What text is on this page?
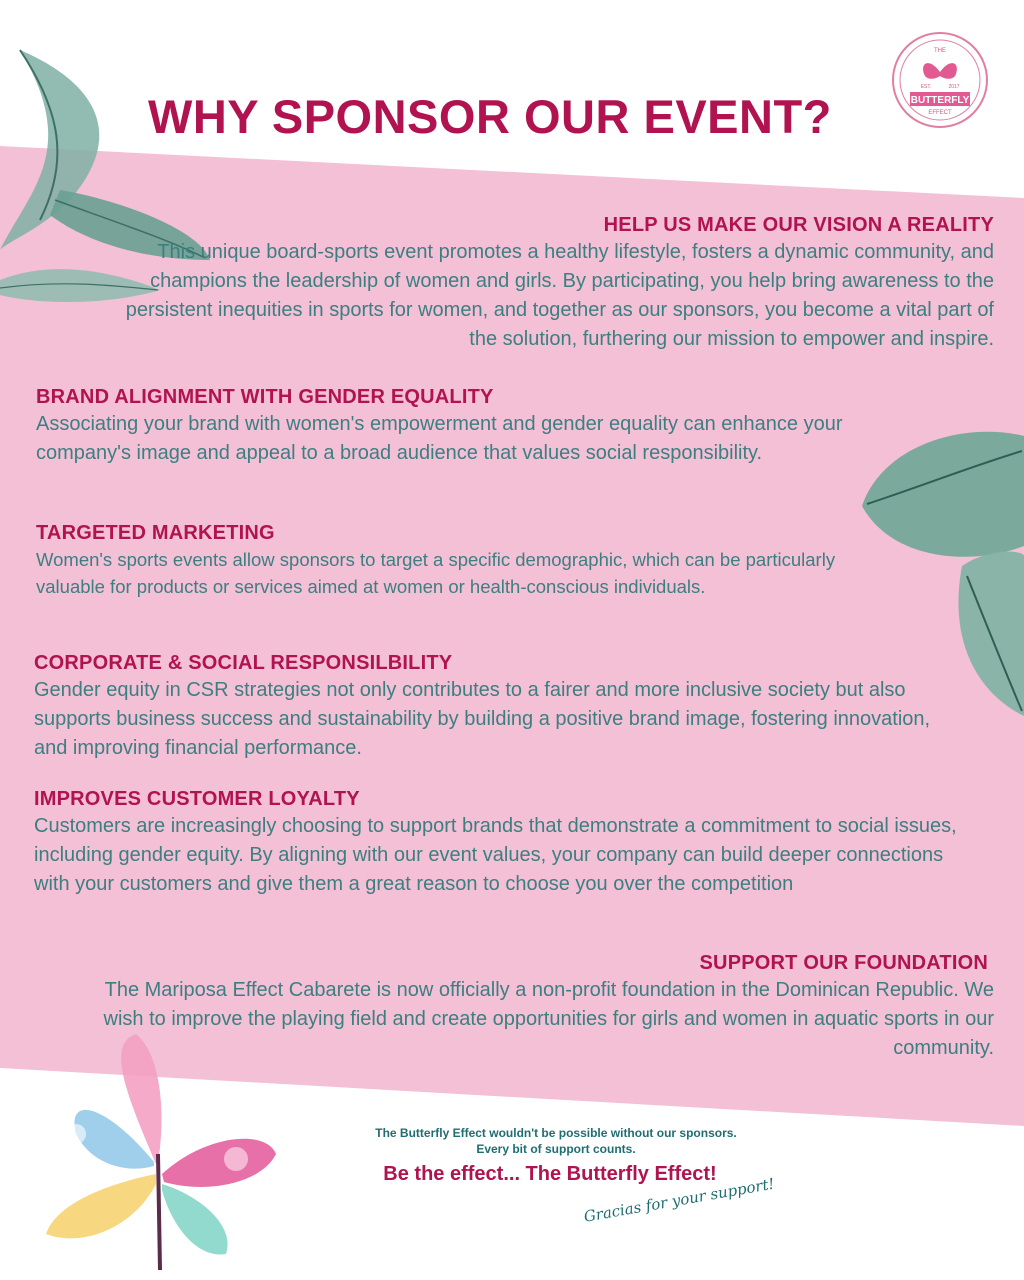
WHY SPONSOR OUR EVENT?
THE
EST.	2017
BUTTERFLY
EFFECT

HELP US MAKE OUR VISION A REALITY

This unique board-sports event promotes a healthy lifestyle, fosters a dynamic community, and champions the leadership of women and girls. By participating, you help bring awareness to the persistent inequities in sports for women, and together as our sponsors, you become a vital part of the solution, furthering our mission to empower and inspire.

BRAND ALIGNMENT WITH GENDER EQUALITY

Associating your brand with women's empowerment and gender equality can enhance your company's image and appeal to a broad audience that values social responsibility.

TARGETED MARKETING

Women's sports events allow sponsors to target a specific demographic, which can be particularly valuable for products or services aimed at women or health-conscious individuals.

CORPORATE & SOCIAL RESPONSILBILITY

Gender equity in CSR strategies not only contributes to a fairer and more inclusive society but also supports business success and sustainability by building a positive brand image, fostering innovation, and improving financial performance.

IMPROVES CUSTOMER LOYALTY

Customers are increasingly choosing to support brands that demonstrate a commitment to social issues, including gender equity. By aligning with our event values, your company can build deeper connections with your customers and give them a great reason to choose you over the competition

SUPPORT OUR FOUNDATION

The Mariposa Effect Cabarete is now officially a non-profit foundation in the Dominican Republic. We wish to improve the playing field and create opportunities for girls and women in aquatic sports in our community.

The Butterfly Effect wouldn't be possible without our sponsors.
Every bit of support counts.
Be the effect... The Butterfly Effect!
Gracias for your support!
